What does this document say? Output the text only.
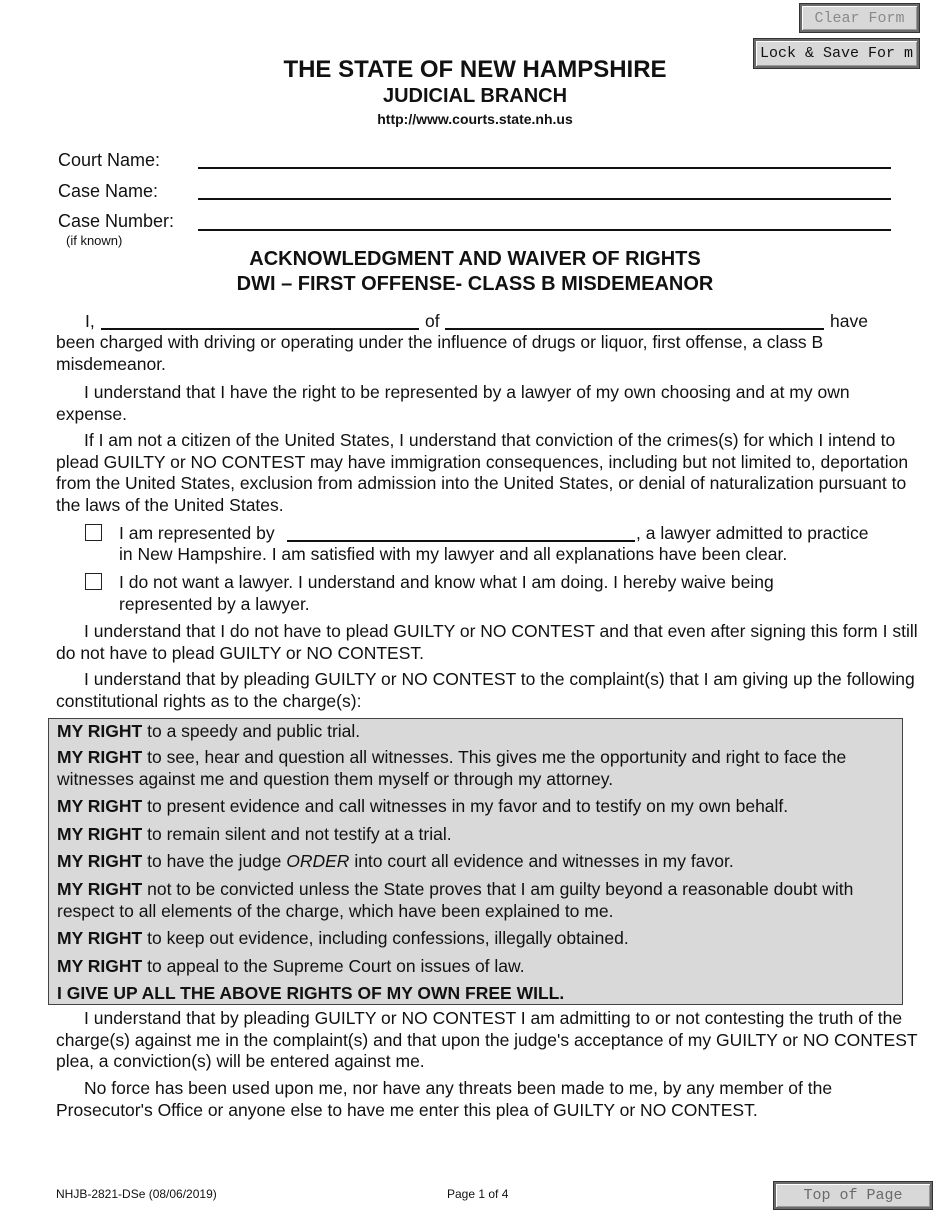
Clear Form
Lock & Save For m
THE STATE OF NEW HAMPSHIRE
JUDICIAL BRANCH
http://www.courts.state.nh.us
Court Name:
Case Name:
Case Number:
(if known)
ACKNOWLEDGMENT AND WAIVER OF RIGHTS
DWI – FIRST OFFENSE- CLASS B MISDEMEANOR
I,	of	have
been charged with driving or operating under the influence of drugs or liquor, first offense, a class B misdemeanor.
I understand that I have the right to be represented by a lawyer of my own choosing and at my own expense.
If I am not a citizen of the United States, I understand that conviction of the crimes(s) for which I intend to plead GUILTY or NO CONTEST may have immigration consequences, including but not limited to, deportation from the United States, exclusion from admission into the United States, or denial of naturalization pursuant to the laws of the United States.
I am represented by	, a lawyer admitted to practice
in New Hampshire. I am satisfied with my lawyer and all explanations have been clear.
I do not want a lawyer. I understand and know what I am doing. I hereby waive being represented by a lawyer.
I understand that I do not have to plead GUILTY or NO CONTEST and that even after signing this form I still do not have to plead GUILTY or NO CONTEST.
I understand that by pleading GUILTY or NO CONTEST to the complaint(s) that I am giving up the following constitutional rights as to the charge(s):
MY RIGHT to a speedy and public trial.
MY RIGHT to see, hear and question all witnesses. This gives me the opportunity and right to face the witnesses against me and question them myself or through my attorney.
MY RIGHT to present evidence and call witnesses in my favor and to testify on my own behalf.
MY RIGHT to remain silent and not testify at a trial.
MY RIGHT to have the judge ORDER into court all evidence and witnesses in my favor.
MY RIGHT not to be convicted unless the State proves that I am guilty beyond a reasonable doubt with respect to all elements of the charge, which have been explained to me.
MY RIGHT to keep out evidence, including confessions, illegally obtained.
MY RIGHT to appeal to the Supreme Court on issues of law.
I GIVE UP ALL THE ABOVE RIGHTS OF MY OWN FREE WILL.
I understand that by pleading GUILTY or NO CONTEST I am admitting to or not contesting the truth of the charge(s) against me in the complaint(s) and that upon the judge's acceptance of my GUILTY or NO CONTEST plea, a conviction(s) will be entered against me.
No force has been used upon me, nor have any threats been made to me, by any member of the Prosecutor's Office or anyone else to have me enter this plea of GUILTY or NO CONTEST.
NHJB-2821-DSe (08/06/2019)	Page 1 of 4	Top of Page
